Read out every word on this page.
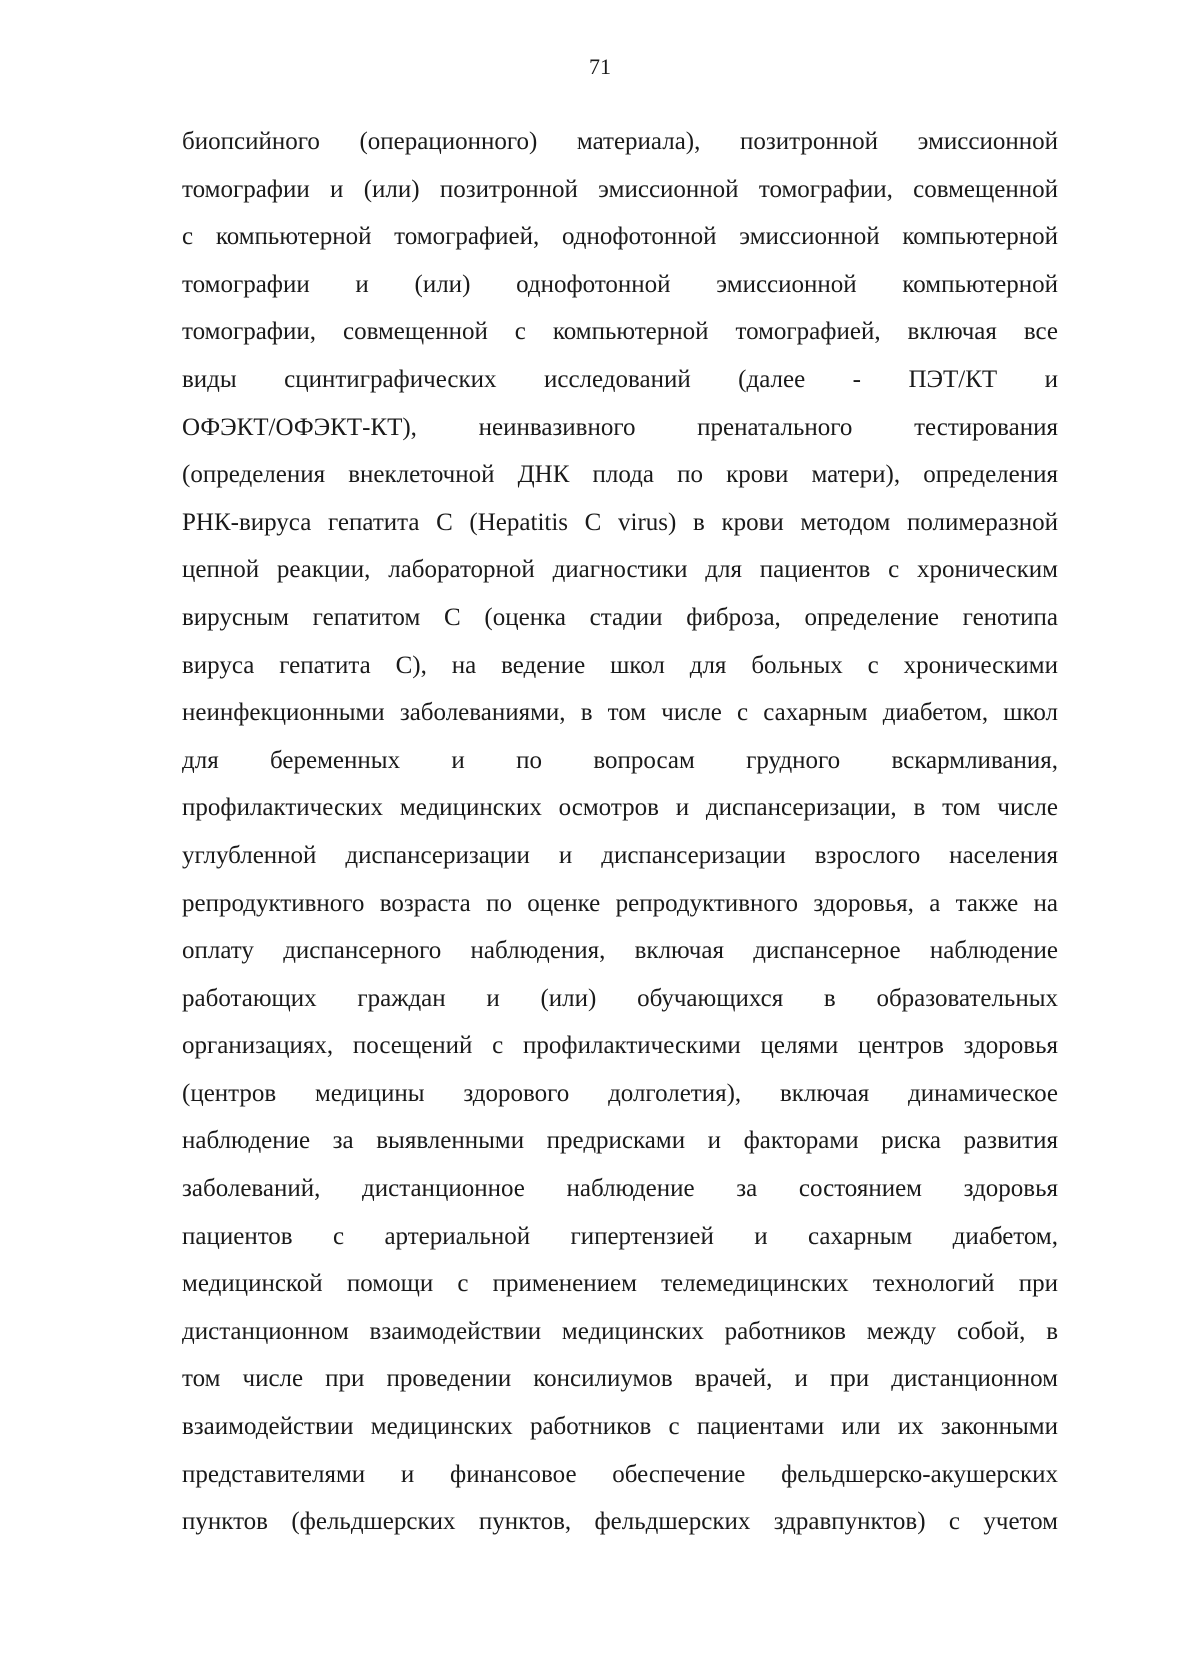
71
биопсийного (операционного) материала), позитронной эмиссионной
томографии и (или) позитронной эмиссионной томографии, совмещенной
с компьютерной томографией, однофотонной эмиссионной компьютерной
томографии и (или) однофотонной эмиссионной компьютерной
томографии, совмещенной с компьютерной томографией, включая все
виды сцинтиграфических исследований (далее - ПЭТ/КТ и
ОФЭКТ/ОФЭКТ-КТ), неинвазивного пренатального тестирования
(определения внеклеточной ДНК плода по крови матери), определения
РНК-вируса гепатита C (Hepatitis C virus) в крови методом полимеразной
цепной реакции, лабораторной диагностики для пациентов с хроническим
вирусным гепатитом C (оценка стадии фиброза, определение генотипа
вируса гепатита C), на ведение школ для больных с хроническими
неинфекционными заболеваниями, в том числе с сахарным диабетом, школ
для беременных и по вопросам грудного вскармливания,
профилактических медицинских осмотров и диспансеризации, в том числе
углубленной диспансеризации и диспансеризации взрослого населения
репродуктивного возраста по оценке репродуктивного здоровья, а также на
оплату диспансерного наблюдения, включая диспансерное наблюдение
работающих граждан и (или) обучающихся в образовательных
организациях, посещений с профилактическими целями центров здоровья
(центров медицины здорового долголетия), включая динамическое
наблюдение за выявленными предрисками и факторами риска развития
заболеваний, дистанционное наблюдение за состоянием здоровья
пациентов с артериальной гипертензией и сахарным диабетом,
медицинской помощи с применением телемедицинских технологий при
дистанционном взаимодействии медицинских работников между собой, в
том числе при проведении консилиумов врачей, и при дистанционном
взаимодействии медицинских работников с пациентами или их законными
представителями и финансовое обеспечение фельдшерско-акушерских
пунктов (фельдшерских пунктов, фельдшерских здравпунктов) с учетом
